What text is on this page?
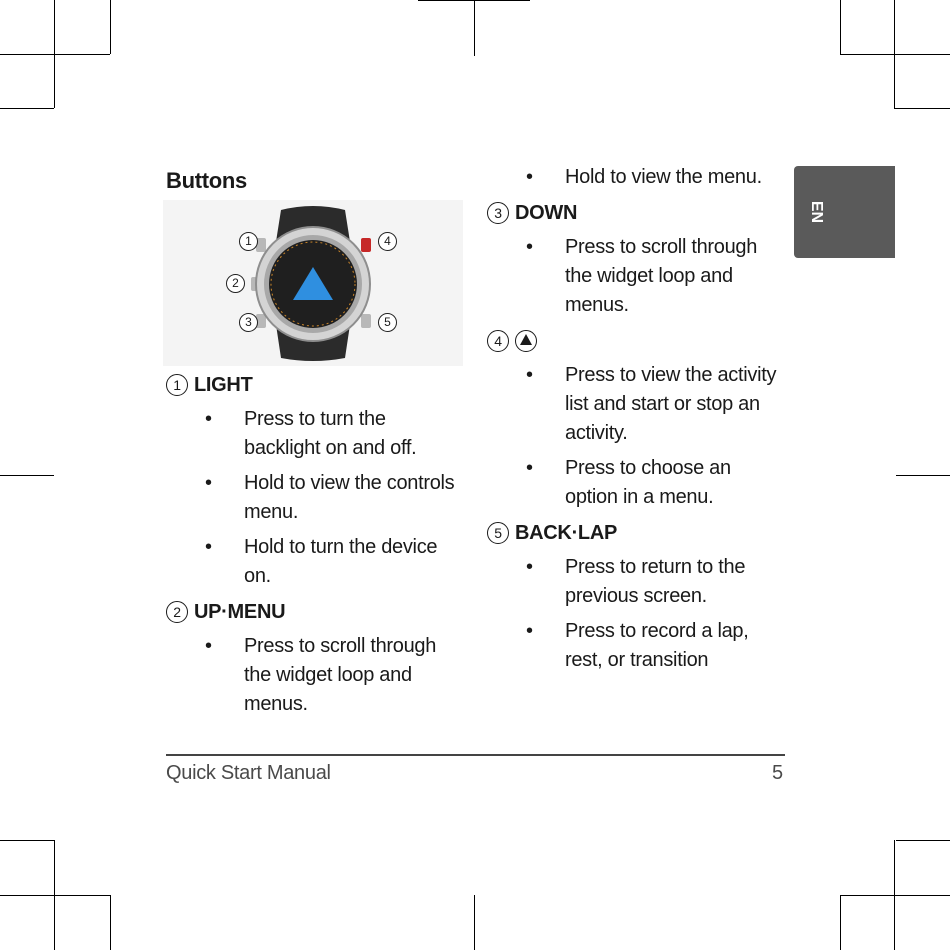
EN
Buttons
1
2
3
4
5
1 LIGHT
• Press to turn the backlight on and off.
• Hold to view the controls menu.
• Hold to turn the device on.
2 UP·MENU
• Press to scroll through the widget loop and menus.
• Hold to view the menu.
3 DOWN
• Press to scroll through the widget loop and menus.
4
• Press to view the activity list and start or stop an activity.
• Press to choose an option in a menu.
5 BACK·LAP
• Press to return to the previous screen.
• Press to record a lap, rest, or transition
Quick Start Manual	5
